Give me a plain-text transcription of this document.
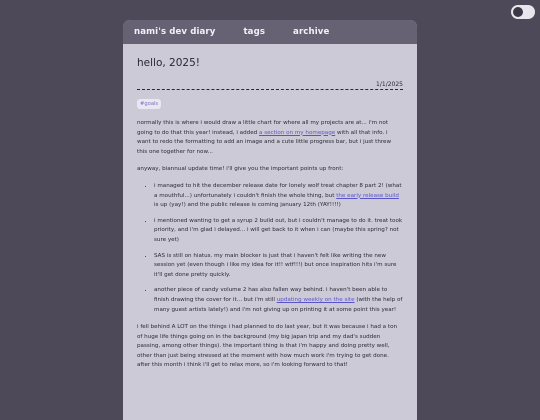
nami's dev diary	tags	archive
hello, 2025!
1/1/2025
#goals

normally this is where i would draw a little chart for where all my projects are at... i'm not going to do that this year! instead, i added a section on my homepage with all that info. i want to redo the formatting to add an image and a cute little progress bar, but i just threw this one together for now...

anyway, biannual update time! i'll give you the important points up front:

• i managed to hit the december release date for lonely wolf treat chapter 8 part 2! (what a mouthful...) unfortunately i couldn't finish the whole thing, but the early release build is up (yay!) and the public release is coming january 12th (YAY!!!!)
• i mentioned wanting to get a syrup 2 build out, but i couldn't manage to do it. treat took priority, and i'm glad i delayed... i will get back to it when i can (maybe this spring? not sure yet)
• SAS is still on hiatus. my main blocker is just that i haven't felt like writing the new session yet (even though i like my idea for it!! wtf!!!) but once inspiration hits i'm sure it'll get done pretty quickly.
• another piece of candy volume 2 has also fallen way behind. i haven't been able to finish drawing the cover for it... but i'm still updating weekly on the site (with the help of many guest artists lately!) and i'm not giving up on printing it at some point this year!

i fell behind A LOT on the things i had planned to do last year, but it was because i had a ton of huge life things going on in the background (my big japan trip and my dad's sudden passing, among other things). the important thing is that i'm happy and doing pretty well, other than just being stressed at the moment with how much work i'm trying to get done. after this month i think i'll get to relax more, so i'm looking forward to that!
